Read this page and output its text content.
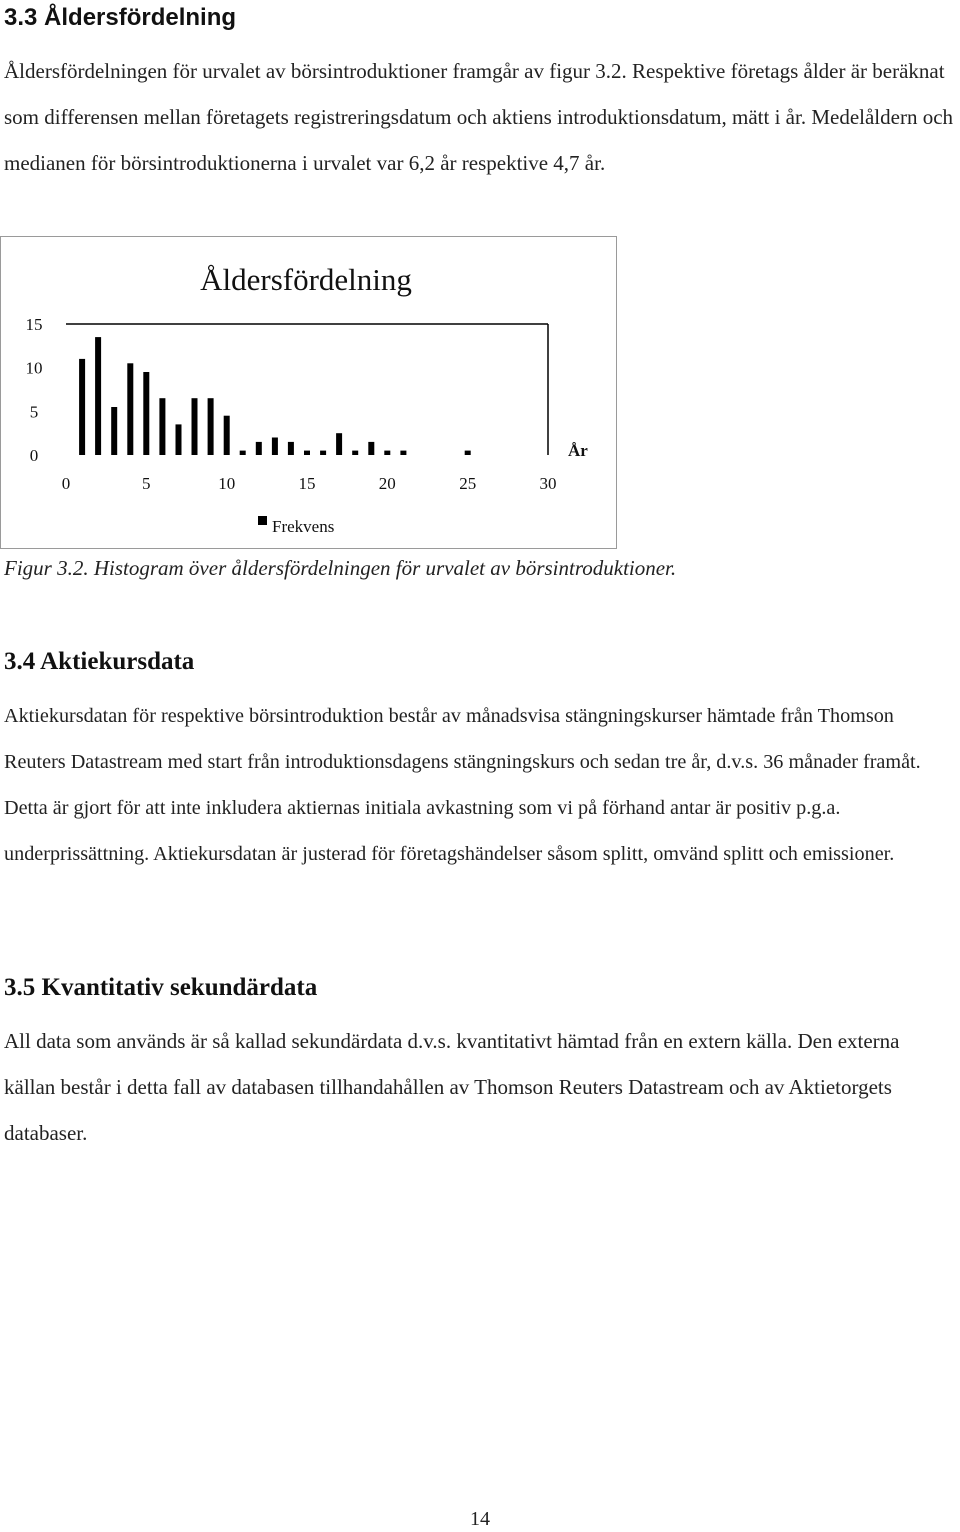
3.3 Åldersfördelning

Åldersfördelningen för urvalet av börsintroduktioner framgår av figur 3.2. Respektive företags ålder är beräknat som differensen mellan företagets registreringsdatum och aktiens introduktionsdatum, mätt i år. Medelåldern och medianen för börsintroduktionerna i urvalet var 6,2 år respektive 4,7 år.

Åldersfördelning
15
10
5
0
0	5	10	15	20	25	30
År
Frekvens

Figur 3.2. Histogram över åldersfördelningen för urvalet av börsintroduktioner.

3.4 Aktiekursdata

Aktiekursdatan för respektive börsintroduktion består av månadsvisa stängningskurser hämtade från Thomson Reuters Datastream med start från introduktionsdagens stängningskurs och sedan tre år, d.v.s. 36 månader framåt. Detta är gjort för att inte inkludera aktiernas initiala avkastning som vi på förhand antar är positiv p.g.a. underprissättning. Aktiekursdatan är justerad för företagshändelser såsom splitt, omvänd splitt och emissioner.

3.5 Kvantitativ sekundärdata

All data som används är så kallad sekundärdata d.v.s. kvantitativt hämtad från en extern källa. Den externa källan består i detta fall av databasen tillhandahållen av Thomson Reuters Datastream och av Aktietorgets databaser.

14
